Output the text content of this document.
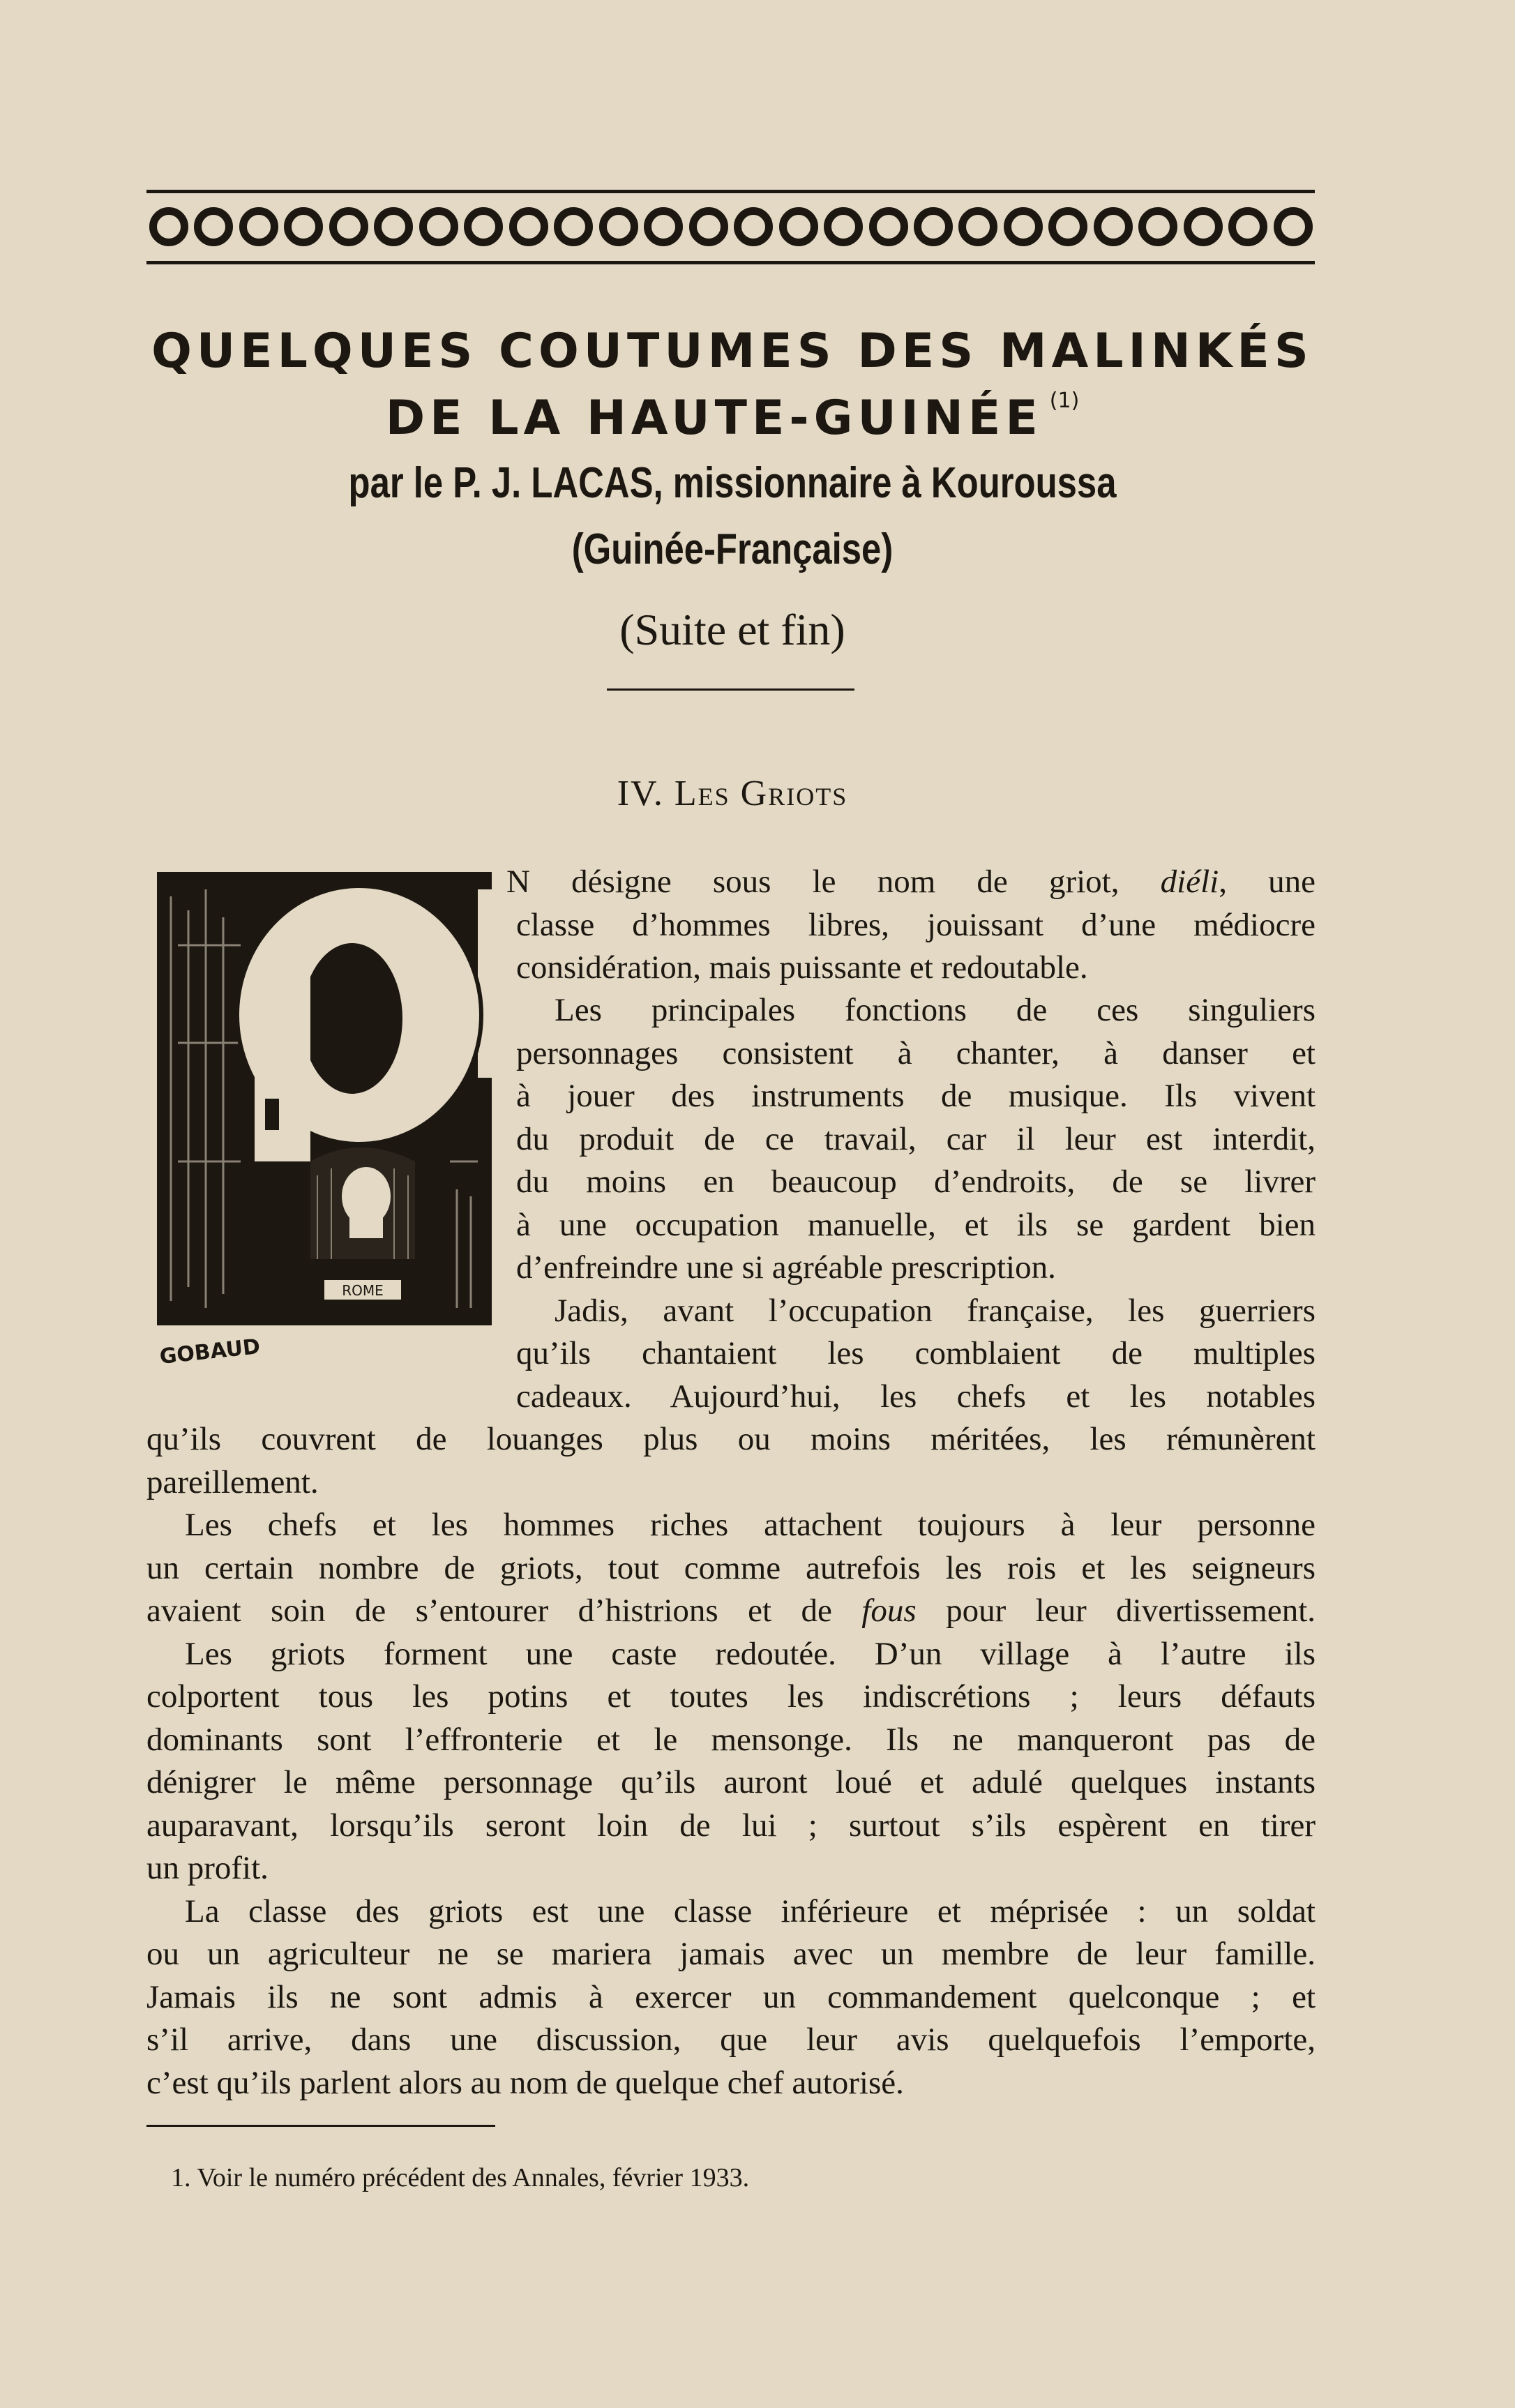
QUELQUES COUTUMES DES MALINKÉS
DE LA HAUTE-GUINÉE $^{(1)}$
par le P. J. LACAS, missionnaire à Kouroussa
(Guinée-Française)
(Suite et fin)
IV. Les Griots
ROME
GOBAUD

N désigne sous le nom de griot, diéli, une

classe d’hommes libres, jouissant d’une médiocre

considération, mais puissante et redoutable.

Les principales fonctions de ces singuliers

personnages consistent à chanter, à danser et

à jouer des instruments de musique. Ils vivent

du produit de ce travail, car il leur est interdit,

du moins en beaucoup d’endroits, de se livrer

à une occupation manuelle, et ils se gardent bien

d’enfreindre une si agréable prescription.

Jadis, avant l’occupation française, les guerriers

qu’ils chantaient les comblaient de multiples

cadeaux. Aujourd’hui, les chefs et les notables

qu’ils couvrent de louanges plus ou moins méritées, les rémunèrent

pareillement.

Les chefs et les hommes riches attachent toujours à leur personne

un certain nombre de griots, tout comme autrefois les rois et les seigneurs

avaient soin de s’entourer d’histrions et de fous pour leur divertissement.

Les griots forment une caste redoutée. D’un village à l’autre ils

colportent tous les potins et toutes les indiscrétions ; leurs défauts

dominants sont l’effronterie et le mensonge. Ils ne manqueront pas de

dénigrer le même personnage qu’ils auront loué et adulé quelques instants

auparavant, lorsqu’ils seront loin de lui ; surtout s’ils espèrent en tirer

un profit.

La classe des griots est une classe inférieure et méprisée : un soldat

ou un agriculteur ne se mariera jamais avec un membre de leur famille.

Jamais ils ne sont admis à exercer un commandement quelconque ; et

s’il arrive, dans une discussion, que leur avis quelquefois l’emporte,

c’est qu’ils parlent alors au nom de quelque chef autorisé.

1. Voir le numéro précédent des Annales, février 1933.
